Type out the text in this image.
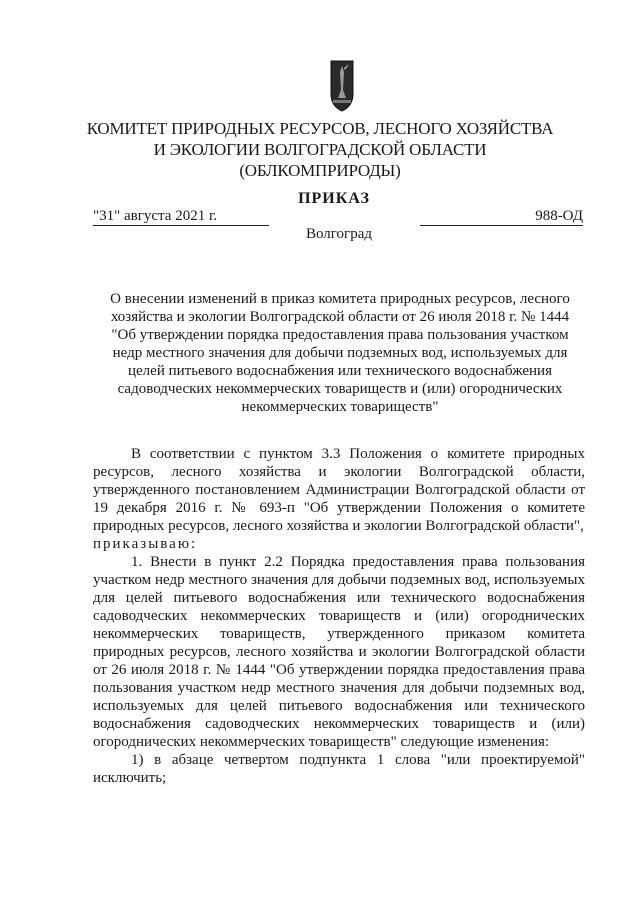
КОМИТЕТ ПРИРОДНЫХ РЕСУРСОВ, ЛЕСНОГО ХОЗЯЙСТВА
И ЭКОЛОГИИ ВОЛГОГРАДСКОЙ ОБЛАСТИ
(ОБЛКОМПРИРОДЫ)
ПРИКАЗ
"31" августа 2021 г.	988-ОД
Волгоград
О внесении изменений в приказ комитета природных ресурсов, лесного
хозяйства и экологии Волгоградской области от 26 июля 2018 г. № 1444
"Об утверждении порядка предоставления права пользования участком
недр местного значения для добычи подземных вод, используемых для
целей питьевого водоснабжения или технического водоснабжения
садоводческих некоммерческих товариществ и (или) огороднических
некоммерческих товариществ"

В соответствии с пунктом 3.3 Положения о комитете природных ресурсов, лесного хозяйства и экологии Волгоградской области, утвержденного постановлением Администрации Волгоградской области от 19 декабря 2016 г. № 693-п "Об утверждении Положения о комитете природных ресурсов, лесного хозяйства и экологии Волгоградской области",

приказываю:

1. Внести в пункт 2.2 Порядка предоставления права пользования участком недр местного значения для добычи подземных вод, используемых для целей питьевого водоснабжения или технического водоснабжения садоводческих некоммерческих товариществ и (или) огороднических некоммерческих товариществ, утвержденного приказом комитета природных ресурсов, лесного хозяйства и экологии Волгоградской области от 26 июля 2018 г. № 1444 "Об утверждении порядка предоставления права пользования участком недр местного значения для добычи подземных вод, используемых для целей питьевого водоснабжения или технического водоснабжения садоводческих некоммерческих товариществ и (или) огороднических некоммерческих товариществ" следующие изменения:

1) в абзаце четвертом подпункта 1 слова "или проектируемой" исключить;
